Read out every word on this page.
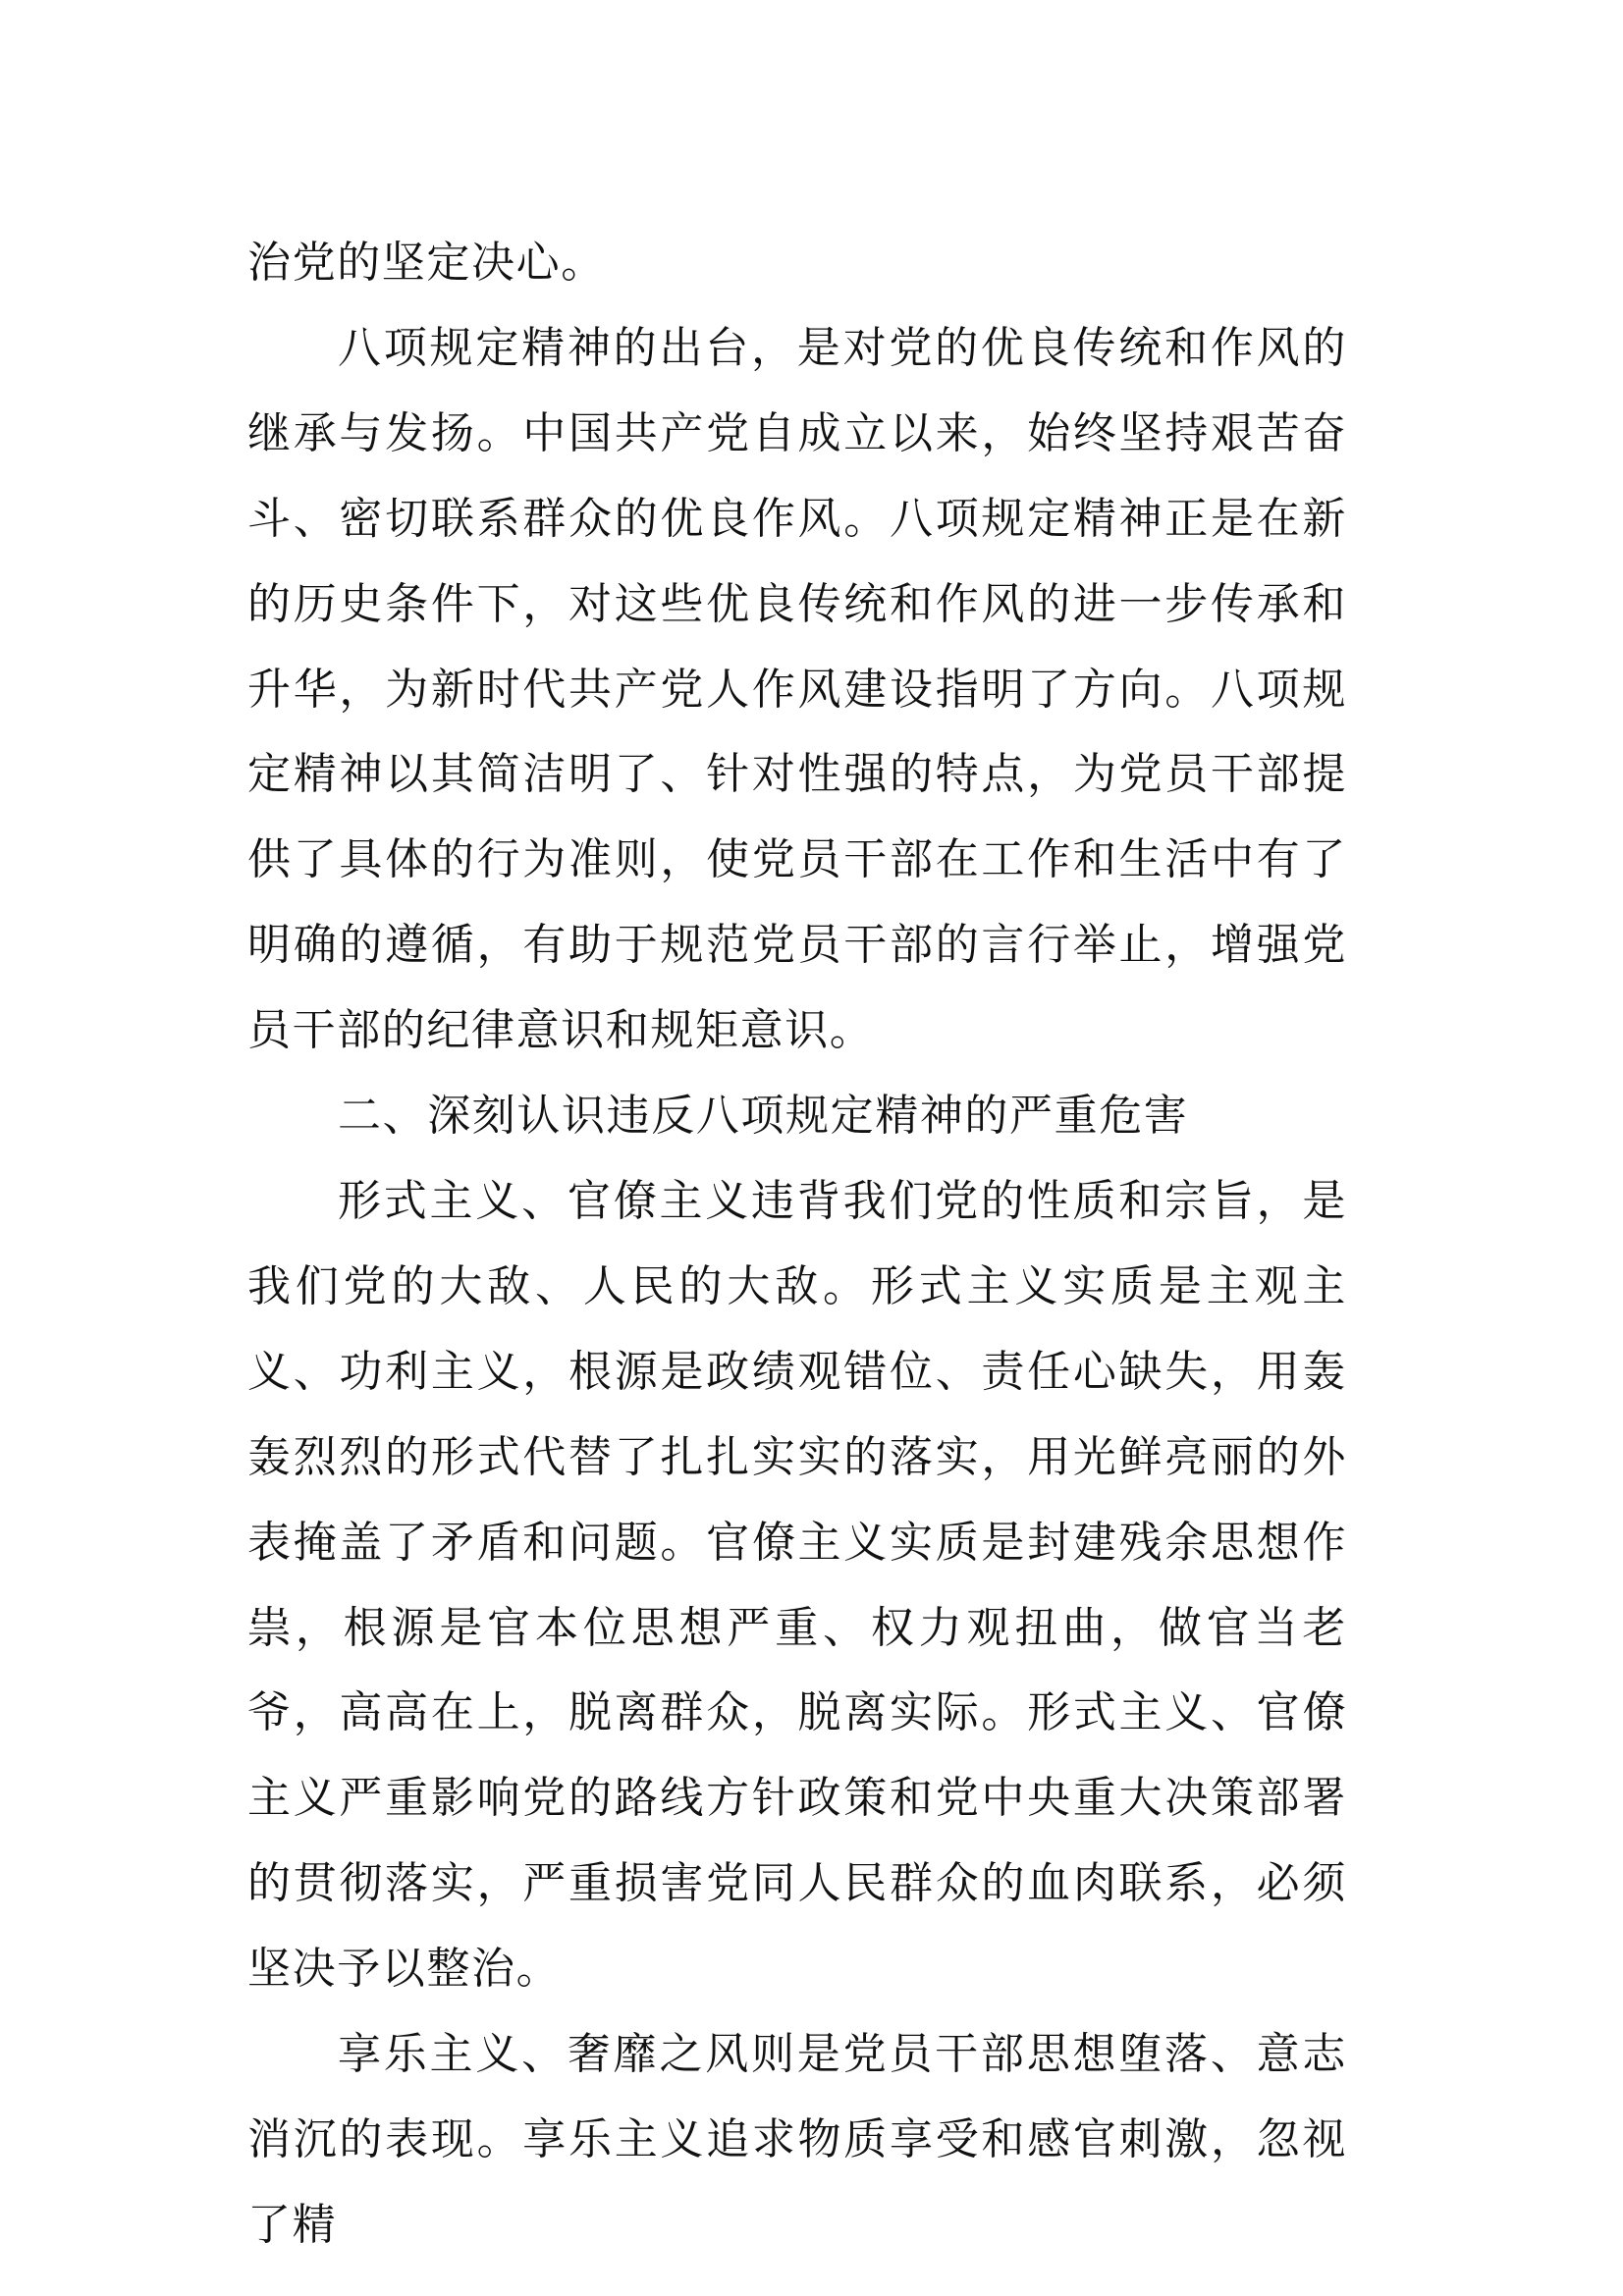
治党的坚定决心。

八项规定精神的出台，是对党的优良传统和作风的继承与发扬。中国共产党自成立以来，始终坚持艰苦奋斗、密切联系群众的优良作风。八项规定精神正是在新的历史条件下，对这些优良传统和作风的进一步传承和升华，为新时代共产党人作风建设指明了方向。八项规定精神以其简洁明了、针对性强的特点，为党员干部提供了具体的行为准则，使党员干部在工作和生活中有了明确的遵循，有助于规范党员干部的言行举止，增强党员干部的纪律意识和规矩意识。

二、深刻认识违反八项规定精神的严重危害

形式主义、官僚主义违背我们党的性质和宗旨，是我们党的大敌、人民的大敌。形式主义实质是主观主义、功利主义，根源是政绩观错位、责任心缺失，用轰轰烈烈的形式代替了扎扎实实的落实，用光鲜亮丽的外表掩盖了矛盾和问题。官僚主义实质是封建残余思想作祟，根源是官本位思想严重、权力观扭曲，做官当老爷，高高在上，脱离群众，脱离实际。形式主义、官僚主义严重影响党的路线方针政策和党中央重大决策部署的贯彻落实，严重损害党同人民群众的血肉联系，必须坚决予以整治。

享乐主义、奢靡之风则是党员干部思想堕落、意志消沉的表现。享乐主义追求物质享受和感官刺激，忽视了精
